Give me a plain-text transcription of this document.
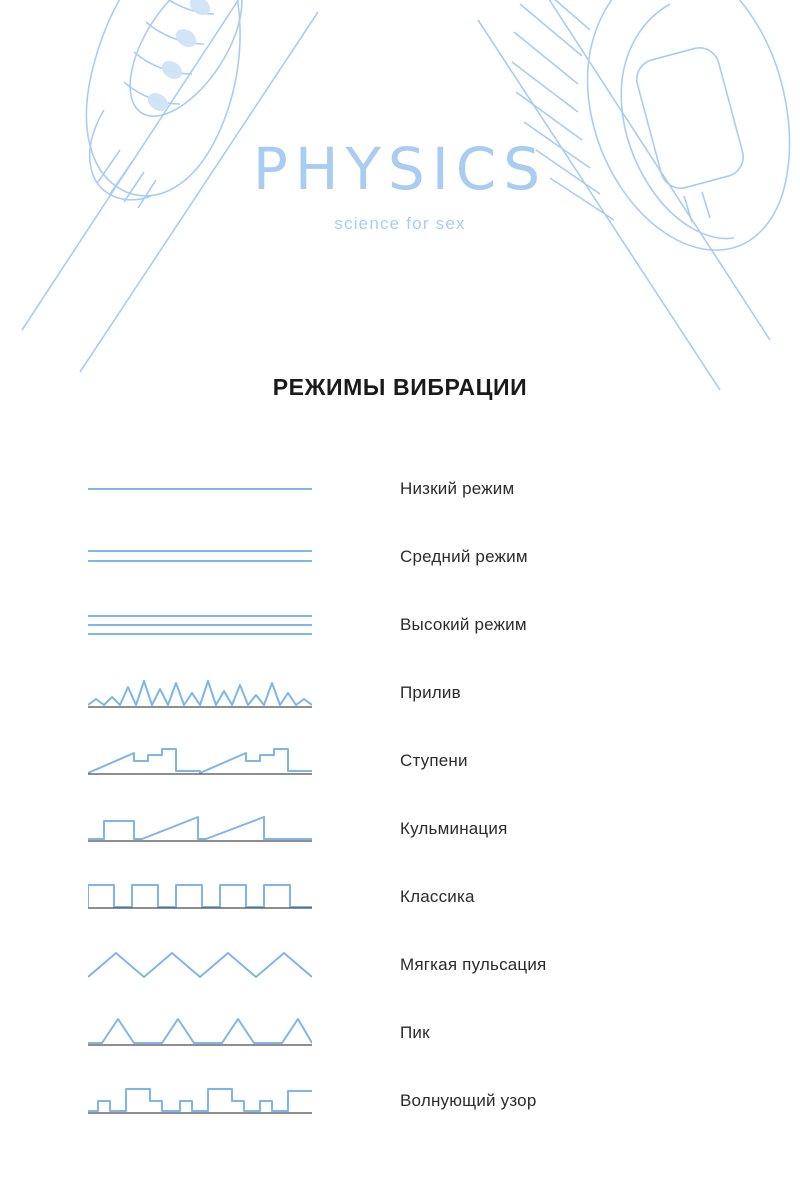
PHYSICS
science for sex
РЕЖИМЫ ВИБРАЦИИ
Низкий режим
Средний режим
Высокий режим
Прилив
Ступени
Кульминация
Классика
Мягкая пульсация
Пик
Волнующий узор
